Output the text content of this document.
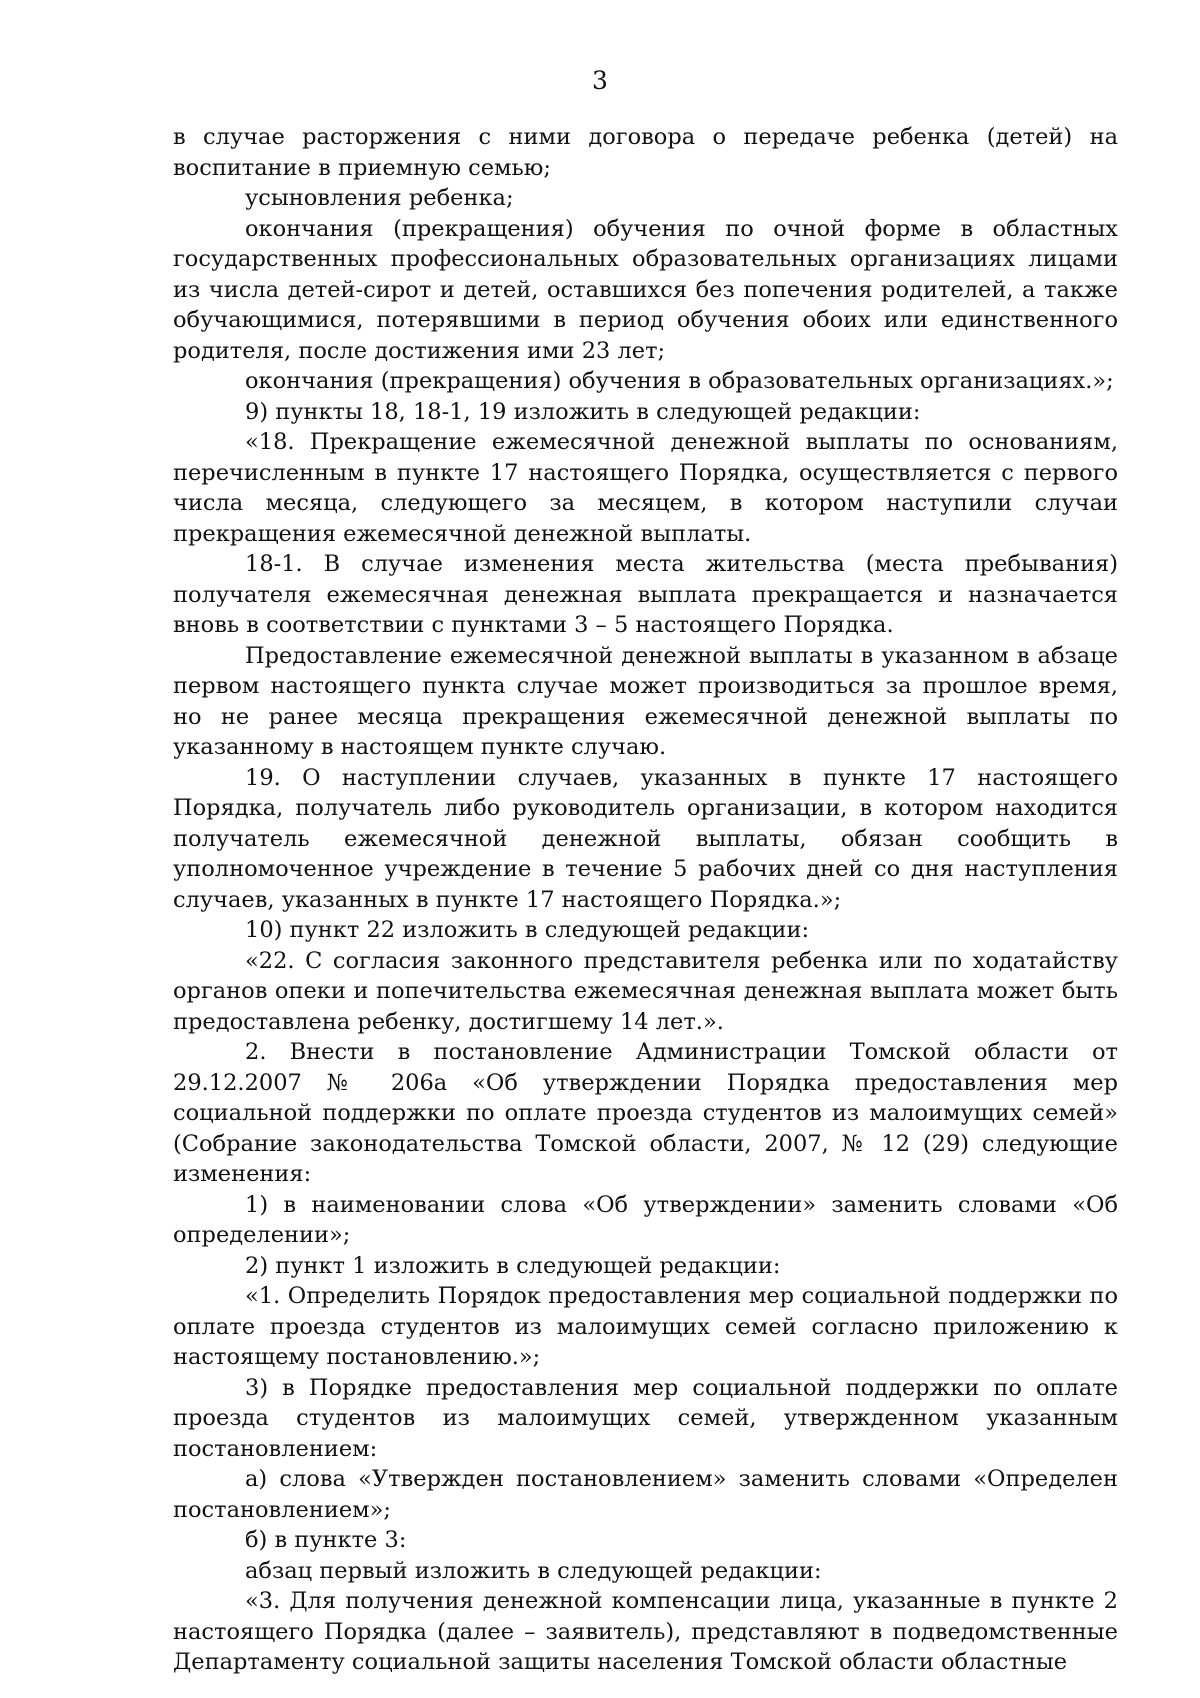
3

в случае расторжения с ними договора о передаче ребенка (детей) на воспитание в приемную семью;

усыновления ребенка;

окончания (прекращения) обучения по очной форме в областных государственных профессиональных образовательных организациях лицами из числа детей-сирот и детей, оставшихся без попечения родителей, а также обучающимися, потерявшими в период обучения обоих или единственного родителя, после достижения ими 23 лет;

окончания (прекращения) обучения в образовательных организациях.»;

9) пункты 18, 18-1, 19 изложить в следующей редакции:

«18. Прекращение ежемесячной денежной выплаты по основаниям, перечисленным в пункте 17 настоящего Порядка, осуществляется с первого числа месяца, следующего за месяцем, в котором наступили случаи прекращения ежемесячной денежной выплаты.

18-1. В случае изменения места жительства (места пребывания) получателя ежемесячная денежная выплата прекращается и назначается вновь в соответствии с пунктами 3 – 5 настоящего Порядка.

Предоставление ежемесячной денежной выплаты в указанном в абзаце первом настоящего пункта случае может производиться за прошлое время, но не ранее месяца прекращения ежемесячной денежной выплаты по указанному в настоящем пункте случаю.

19. О наступлении случаев, указанных в пункте 17 настоящего Порядка, получатель либо руководитель организации, в котором находится получатель ежемесячной денежной выплаты, обязан сообщить в уполномоченное учреждение в течение 5 рабочих дней со дня наступления случаев, указанных в пункте 17 настоящего Порядка.»;

10) пункт 22 изложить в следующей редакции:

«22. С согласия законного представителя ребенка или по ходатайству органов опеки и попечительства ежемесячная денежная выплата может быть предоставлена ребенку, достигшему 14 лет.».

2. Внести в постановление Администрации Томской области от 29.12.2007 № 206а «Об утверждении Порядка предоставления мер социальной поддержки по оплате проезда студентов из малоимущих семей» (Собрание законодательства Томской области, 2007, № 12 (29) следующие изменения:

1) в наименовании слова «Об утверждении» заменить словами «Об определении»;

2) пункт 1 изложить в следующей редакции:

«1. Определить Порядок предоставления мер социальной поддержки по оплате проезда студентов из малоимущих семей согласно приложению к настоящему постановлению.»;

3) в Порядке предоставления мер социальной поддержки по оплате проезда студентов из малоимущих семей, утвержденном указанным постановлением:

а) слова «Утвержден постановлением» заменить словами «Определен постановлением»;

б) в пункте 3:

абзац первый изложить в следующей редакции:

«3. Для получения денежной компенсации лица, указанные в пункте 2 настоящего Порядка (далее – заявитель), представляют в подведомственные Департаменту социальной защиты населения Томской области областные
